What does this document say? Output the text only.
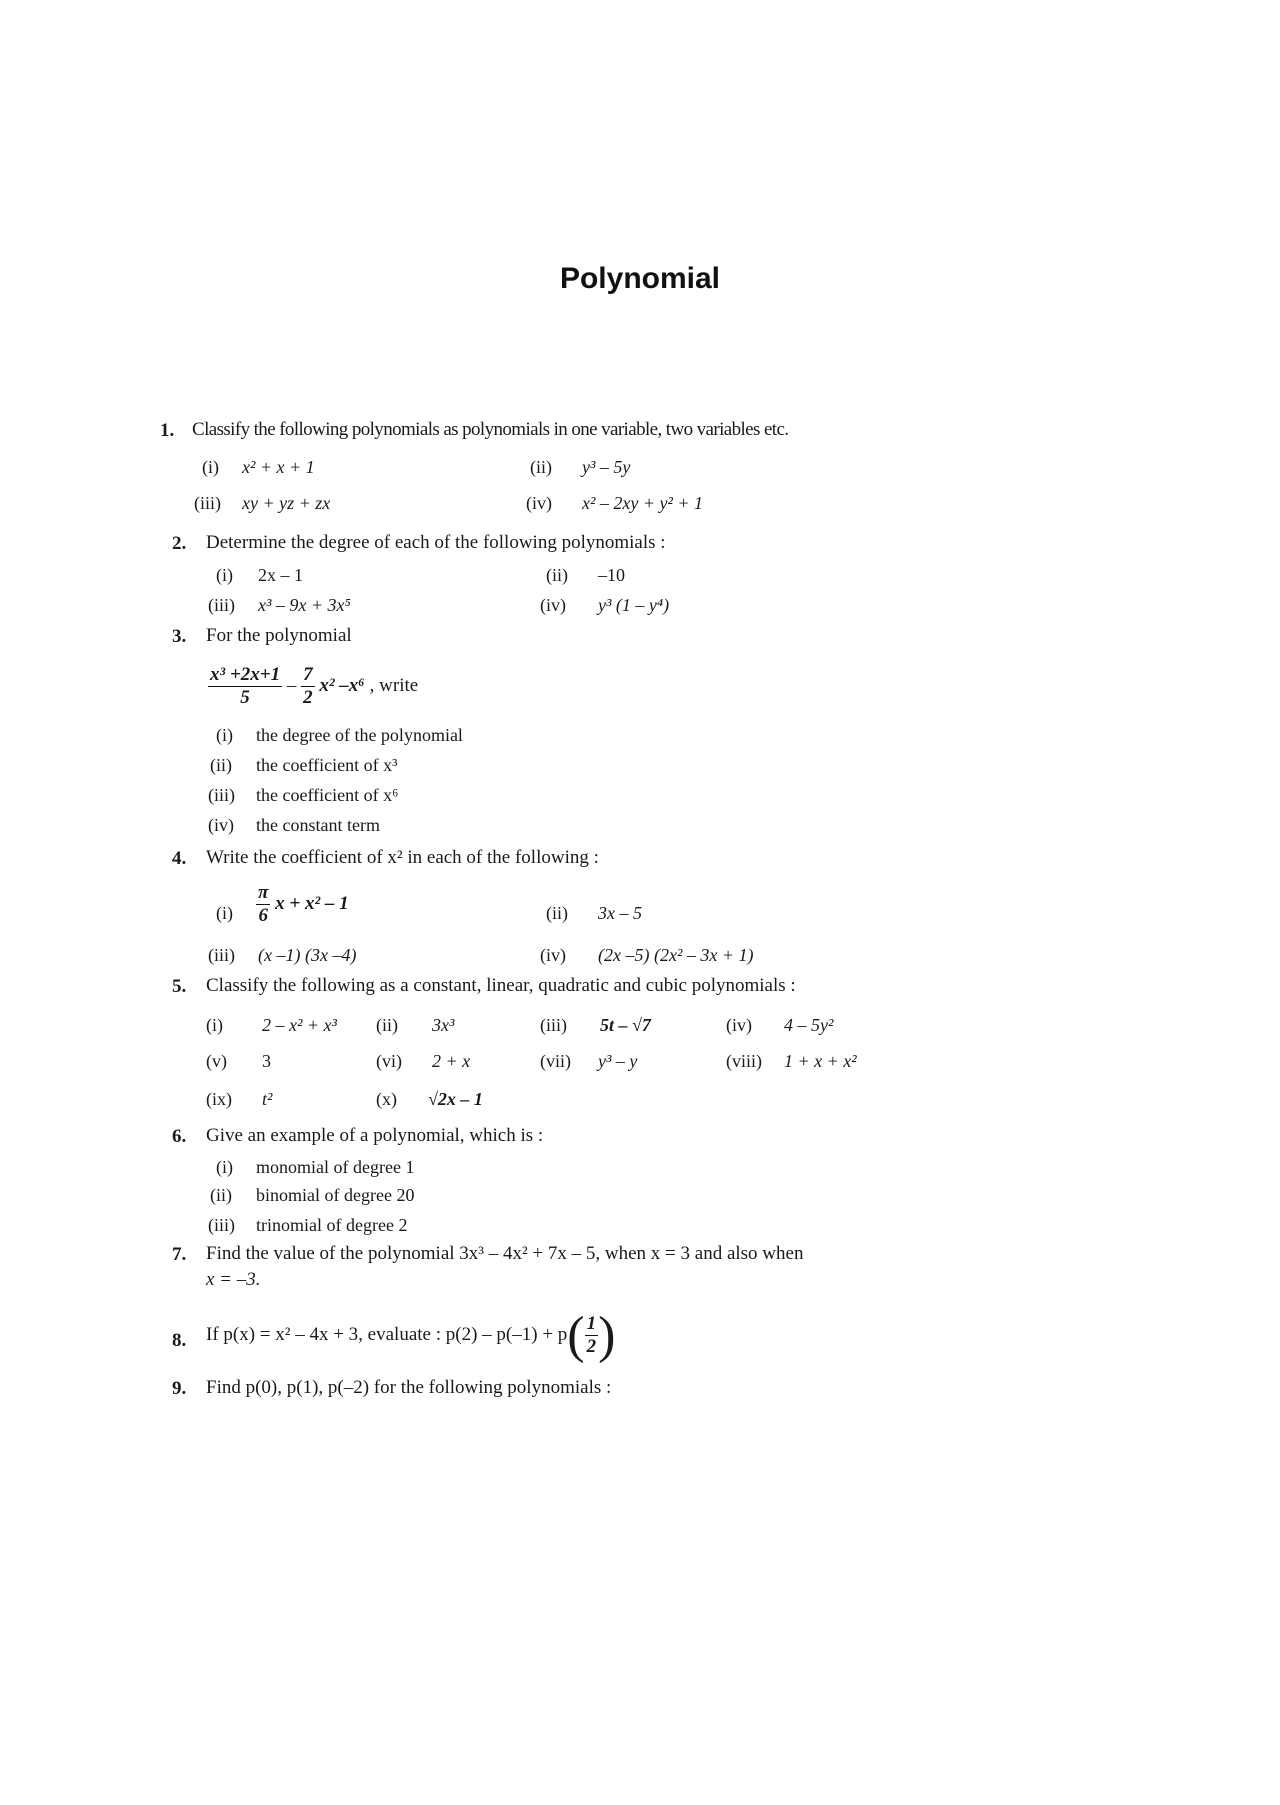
Polynomial
1. Classify the following polynomials as polynomials in one variable, two variables etc.
(i) x² + x + 1	(ii) y³ – 5y
(iii) xy + yz + zx	(iv) x² – 2xy + y² + 1
2. Determine the degree of each of the following polynomials :
(i) 2x – 1	(ii) –10
(iii) x³ – 9x + 3x⁵	(iv) y³ (1 – y⁴)
3. For the polynomial
$\frac{\text{x³ +2x+1}}{5} - \frac{7}{2} x^2$ –x⁶ , write
(i) the degree of the polynomial
(ii) the coefficient of x³
(iii) the coefficient of x⁶
(iv) the constant term
4. Write the coefficient of x² in each of the following :
$(i) \frac{\pi}{6}$ x + x² – 1	(ii) 3x – 5
(iii) (x –1) (3x –4)	(iv) (2x –5) (2x² – 3x + 1)
5. Classify the following as a constant, linear, quadratic and cubic polynomials :
(i) 2 – x² + x³ (ii) 3x³	(iii) 5t – √7	(iv) 4 – 5y²
(v) 3	(vi) 2 + x	(vii) y³ – y	(viii) 1 + x + x²
(ix) t²	(x) √2x – 1
6. Give an example of a polynomial, which is :
(i) monomial of degree 1
(ii) binomial of degree 20
(iii) trinomial of degree 2
7. Find the value of the polynomial 3x³ – 4x² + 7x – 5, when x = 3 and also when
x = –3.
8. If p(x) = x² – 4x + 3, evaluate : $p(2) - p(-1) + p( \frac{1}{2}$ )
9. Find p(0), p(1), p(–2) for the following polynomials :
